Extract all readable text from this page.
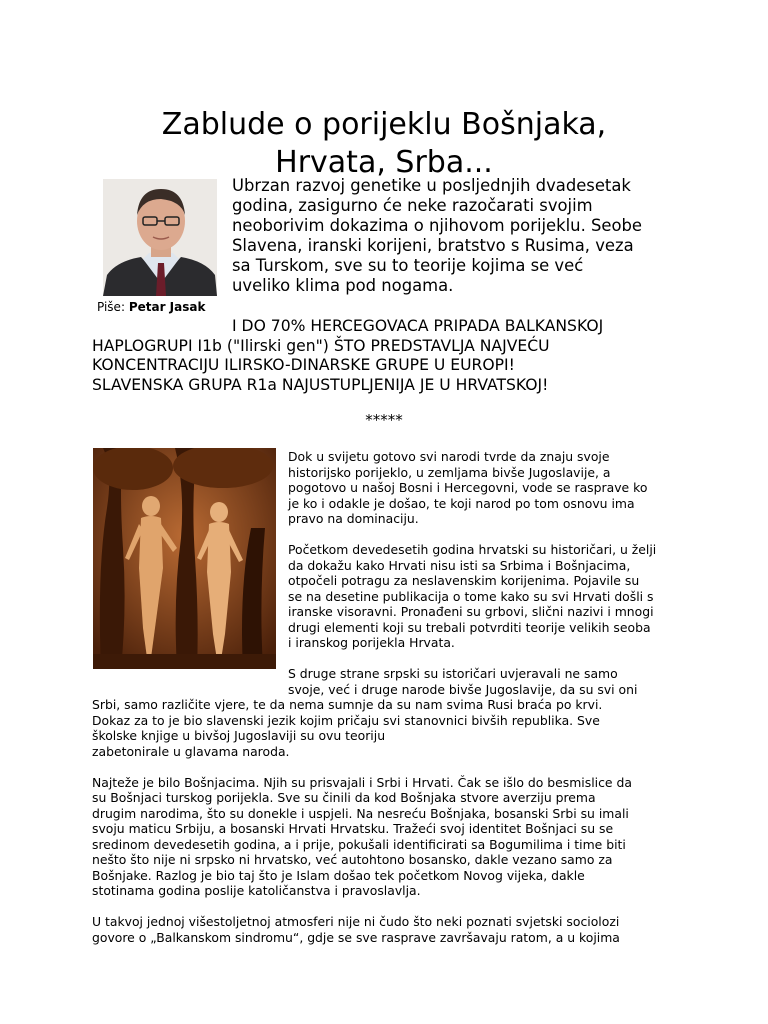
Zablude o porijeklu Bošnjaka,
Hrvata, Srba...
Piše: Petar Jasak
Ubrzan razvoj genetike u posljednjih dvadesetak
godina, zasigurno će neke razočarati svojim
neoborivim dokazima o njihovom porijeklu. Seobe
Slavena, iranski korijeni, bratstvo s Rusima, veza
sa Turskom, sve su to teorije kojima se već
uveliko klima pod nogama.
I DO 70% HERCEGOVACA PRIPADA BALKANSKOJ
HAPLOGRUPI I1b ("Ilirski gen") ŠTO PREDSTAVLJA NAJVEĆU
KONCENTRACIJU ILIRSKO-DINARSKE GRUPE U EUROPI!
SLAVENSKA GRUPA R1a NAJUSTUPLJENIJA JE U HRVATSKOJ!
*****

Dok u svijetu gotovo svi narodi tvrde da znaju svoje
historijsko porijeklo, u zemljama bivše Jugoslavije, a
pogotovo u našoj Bosni i Hercegovni, vode se rasprave ko
je ko i odakle je došao, te koji narod po tom osnovu ima
pravo na dominaciju.

Početkom devedesetih godina hrvatski su historičari, u želji
da dokažu kako Hrvati nisu isti sa Srbima i Bošnjacima,
otpočeli potragu za neslavenskim korijenima. Pojavile su
se na desetine publikacija o tome kako su svi Hrvati došli s
iranske visoravni. Pronađeni su grbovi, slični nazivi i mnogi
drugi elementi koji su trebali potvrditi teorije velikih seoba
i iranskog porijekla Hrvata.

S druge strane srpski su istoričari uvjeravali ne samo
svoje, već i druge narode bivše Jugoslavije, da su svi oni
Srbi, samo različite vjere, te da nema sumnje da su nam svima Rusi braća po krvi.
Dokaz za to je bio slavenski jezik kojim pričaju svi stanovnici bivših republika. Sve
školske knjige u bivšoj Jugoslaviji su ovu teoriju
zabetonirale u glavama naroda.

Najteže je bilo Bošnjacima. Njih su prisvajali i Srbi i Hrvati. Čak se išlo do besmislice da
su Bošnjaci turskog porijekla. Sve su činili da kod Bošnjaka stvore averziju prema
drugim narodima, što su donekle i uspjeli. Na nesreću Bošnjaka, bosanski Srbi su imali
svoju maticu Srbiju, a bosanski Hrvati Hrvatsku. Tražeći svoj identitet Bošnjaci su se
sredinom devedesetih godina, a i prije, pokušali identificirati sa Bogumilima i time biti
nešto što nije ni srpsko ni hrvatsko, već autohtono bosansko, dakle vezano samo za
Bošnjake. Razlog je bio taj što je Islam došao tek početkom Novog vijeka, dakle
stotinama godina poslije katoličanstva i pravoslavlja.

U takvoj jednoj višestoljetnoj atmosferi nije ni čudo što neki poznati svjetski sociolozi
govore o „Balkanskom sindromu“, gdje se sve rasprave završavaju ratom, a u kojima
